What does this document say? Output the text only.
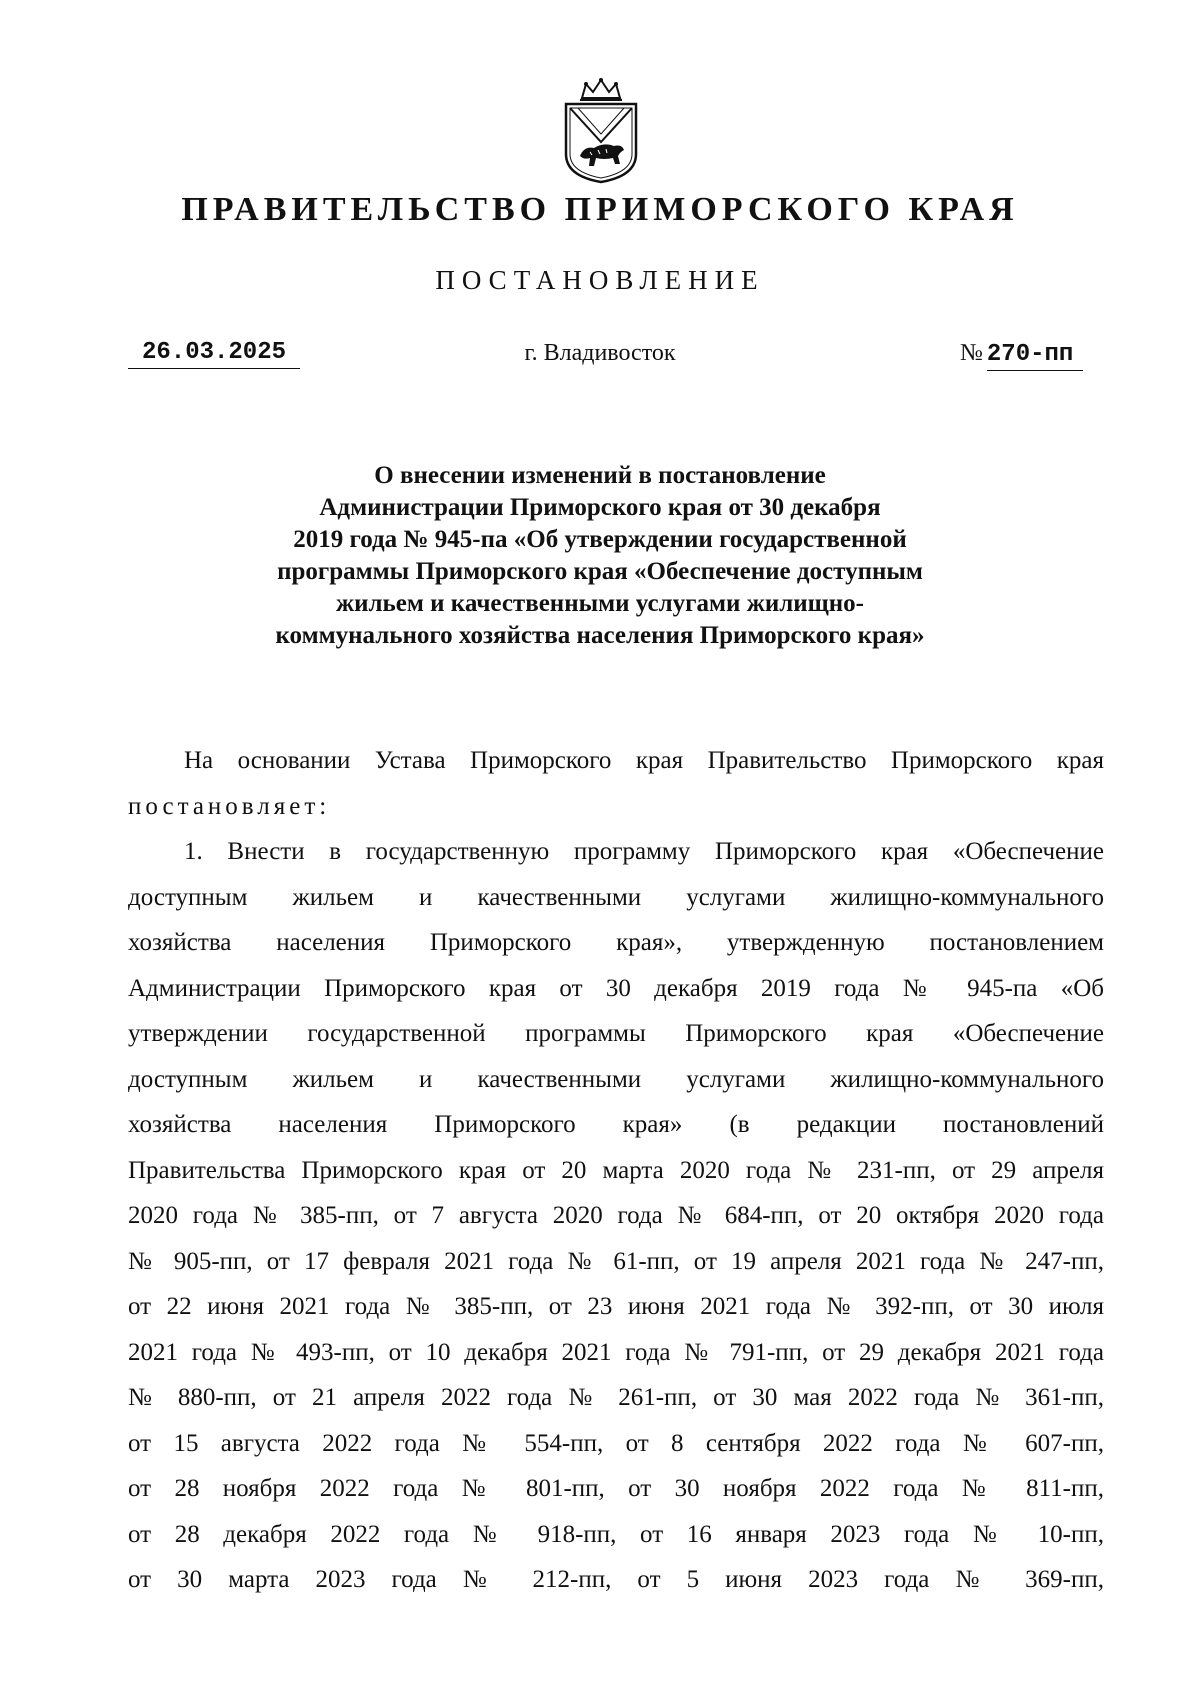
ПРАВИТЕЛЬСТВО ПРИМОРСКОГО КРАЯ
ПОСТАНОВЛЕНИЕ
26.03.2025	г. Владивосток	№ 270-пп
О внесении изменений в постановление
Администрации Приморского края от 30 декабря
2019 года № 945-па «Об утверждении государственной
программы Приморского края «Обеспечение доступным
жильем и качественными услугами жилищно-
коммунального хозяйства населения Приморского края»
На основании Устава Приморского края Правительство Приморского края
постановляет:
1. Внести в государственную программу Приморского края «Обеспечение
доступным жильем и качественными услугами жилищно-коммунального
хозяйства населения Приморского края», утвержденную постановлением
Администрации Приморского края от 30 декабря 2019 года № 945-па «Об
утверждении государственной программы Приморского края «Обеспечение
доступным жильем и качественными услугами жилищно-коммунального
хозяйства населения Приморского края» (в редакции постановлений
Правительства Приморского края от 20 марта 2020 года № 231-пп, от 29 апреля
2020 года № 385-пп, от 7 августа 2020 года № 684-пп, от 20 октября 2020 года
№ 905-пп, от 17 февраля 2021 года № 61-пп, от 19 апреля 2021 года № 247-пп,
от 22 июня 2021 года № 385-пп, от 23 июня 2021 года № 392-пп, от 30 июля
2021 года № 493-пп, от 10 декабря 2021 года № 791-пп, от 29 декабря 2021 года
№ 880-пп, от 21 апреля 2022 года № 261-пп, от 30 мая 2022 года № 361-пп,
от 15 августа 2022 года № 554-пп, от 8 сентября 2022 года № 607-пп,
от 28 ноября 2022 года № 801-пп, от 30 ноября 2022 года № 811-пп,
от 28 декабря 2022 года № 918-пп, от 16 января 2023 года № 10-пп,
от 30 марта 2023 года № 212-пп, от 5 июня 2023 года № 369-пп,
